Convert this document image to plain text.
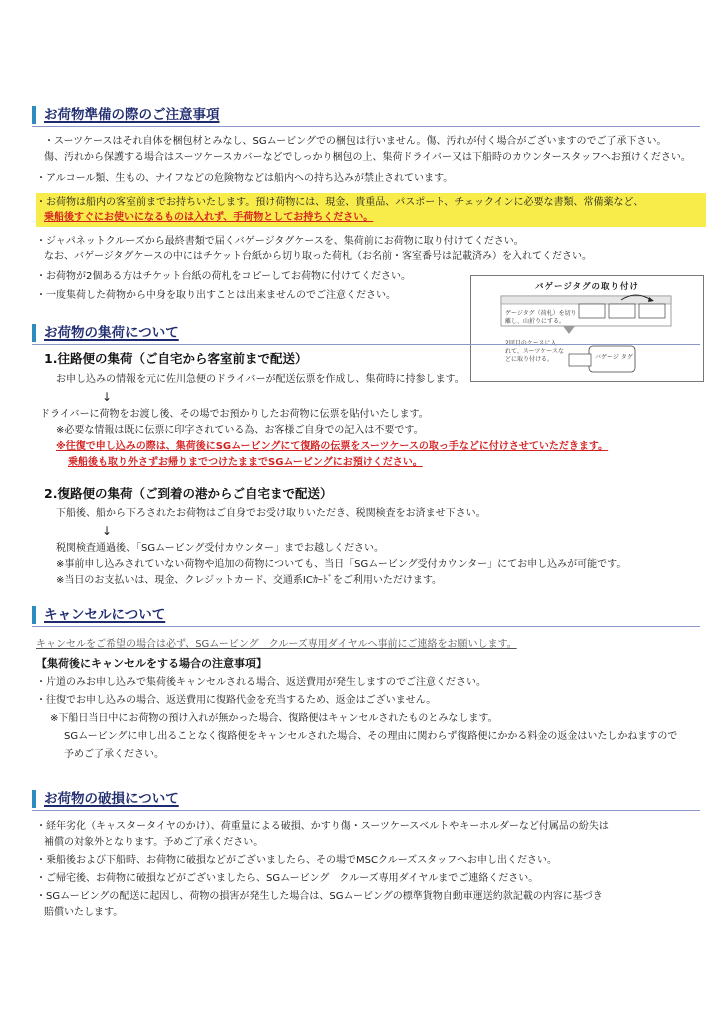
お荷物準備の際のご注意事項
・スーツケースはそれ自体を梱包材とみなし、SGムービングでの梱包は行いません。傷、汚れが付く場合がございますのでご了承下さい。
傷、汚れから保護する場合はスーツケースカバーなどでしっかり梱包の上、集荷ドライバー又は下船時のカウンタースタッフへお預けください。
・アルコール類、生もの、ナイフなどの危険物などは船内への持ち込みが禁止されています。
・お荷物は船内の客室前までお持ちいたします。預け荷物には、現金、貴重品、パスポート、チェックインに必要な書類、常備薬など、
乗船後すぐにお使いになるものは入れず、手荷物としてお持ちください。
・ジャパネットクルーズから最終書類で届くバゲージタグケースを、集荷前にお荷物に取り付けてください。
なお、バゲージタグケースの中にはチケット台紙から切り取った荷札（お名前・客室番号は記載済み）を入れてください。
・お荷物が2個ある方はチケット台紙の荷札をコピーしてお荷物に付けてください。
・一度集荷した荷物から中身を取り出すことは出来ませんのでご注意ください。
バゲージタグの取り付け
ゲージタグ（荷札）を切り
離し、山折りにする。
2回目のケースに入
れて、スーツケースな
どに取り付ける。	バゲージ タグ
お荷物の集荷について
1.往路便の集荷（ご自宅から客室前まで配送）
お申し込みの情報を元に佐川急便のドライバーが配送伝票を作成し、集荷時に持参します。
↓
ドライバーに荷物をお渡し後、その場でお預かりしたお荷物に伝票を貼付いたします。
※必要な情報は既に伝票に印字されている為、お客様ご自身での記入は不要です。
※往復で申し込みの際は、集荷後にSGムービングにて復路の伝票をスーツケースの取っ手などに付けさせていただきます。
乗船後も取り外さずお帰りまでつけたままでSGムービングにお預けください。
2.復路便の集荷（ご到着の港からご自宅まで配送）
下船後、船から下ろされたお荷物はご自身でお受け取りいただき、税関検査をお済ませ下さい。
↓
税関検査通過後、「SGムービング受付カウンター」までお越しください。
※事前申し込みされていない荷物や追加の荷物についても、当日「SGムービング受付カウンター」にてお申し込みが可能です。
※当日のお支払いは、現金、クレジットカード、交通系ICｶｰﾄﾞをご利用いただけます。
キャンセルについて
キャンセルをご希望の場合は必ず、SGムービング　クルーズ専用ダイヤルへ事前にご連絡をお願いします。
【集荷後にキャンセルをする場合の注意事項】
・片道のみお申し込みで集荷後キャンセルされる場合、返送費用が発生しますのでご注意ください。
・往復でお申し込みの場合、返送費用に復路代金を充当するため、返金はございません。
※下船日当日中にお荷物の預け入れが無かった場合、復路便はキャンセルされたものとみなします。
SGムービングに申し出ることなく復路便をキャンセルされた場合、その理由に関わらず復路便にかかる料金の返金はいたしかねますので
予めご了承ください。
お荷物の破損について
・経年劣化（キャスタータイヤのかけ）、荷重量による破損、かすり傷・スーツケースベルトやキーホルダーなど付属品の紛失は
補償の対象外となります。予めご了承ください。
・乗船後および下船時、お荷物に破損などがございましたら、その場でMSCクルーズスタッフへお申し出ください。
・ご帰宅後、お荷物に破損などがございましたら、SGムービング　クルーズ専用ダイヤルまでご連絡ください。
・SGムービングの配送に起因し、荷物の損害が発生した場合は、SGムービングの標準貨物自動車運送約款記載の内容に基づき
賠償いたします。
